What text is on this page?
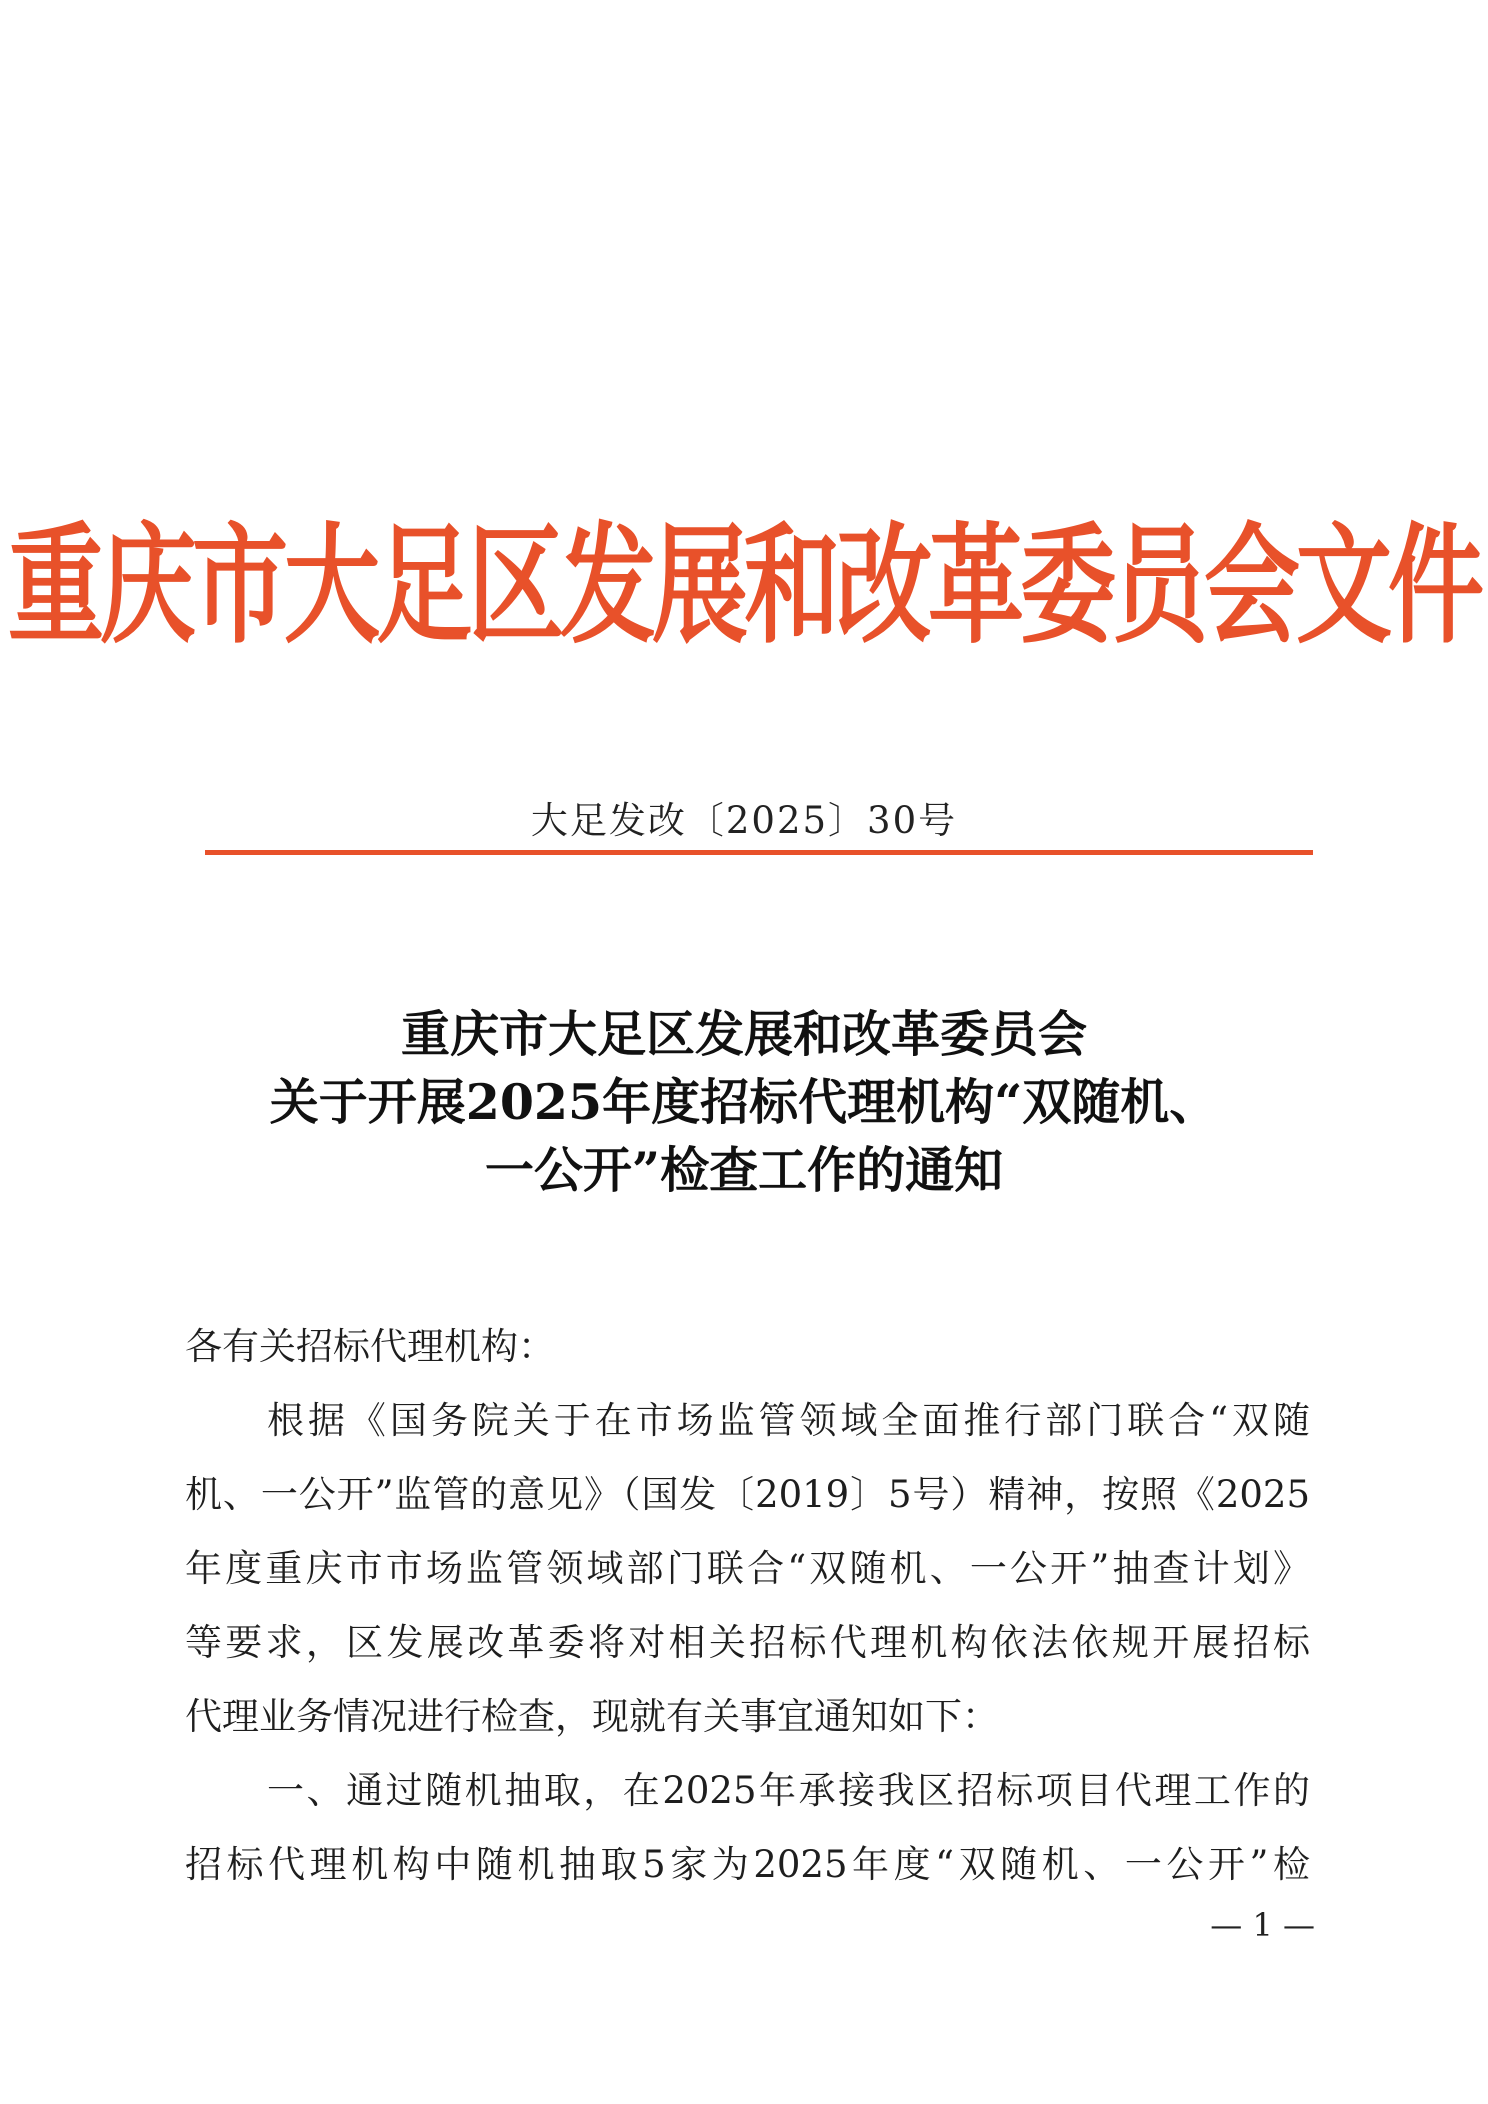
重庆市大足区发展和改革委员会文件
大足发改〔2025〕30号
重庆市大足区发展和改革委员会
关于开展2025年度招标代理机构“双随机、
一公开”检查工作的通知
各有关招标代理机构：
根据《国务院关于在市场监管领域全面推行部门联合“双随
机、一公开”监管的意见》（国发〔2019〕5号）精神，按照《2025
年度重庆市市场监管领域部门联合“双随机、一公开”抽查计划》
等要求，区发展改革委将对相关招标代理机构依法依规开展招标
代理业务情况进行检查，现就有关事宜通知如下：
一、通过随机抽取，在2025年承接我区招标项目代理工作的
招标代理机构中随机抽取5家为2025年度“双随机、一公开”检
— 1 —
